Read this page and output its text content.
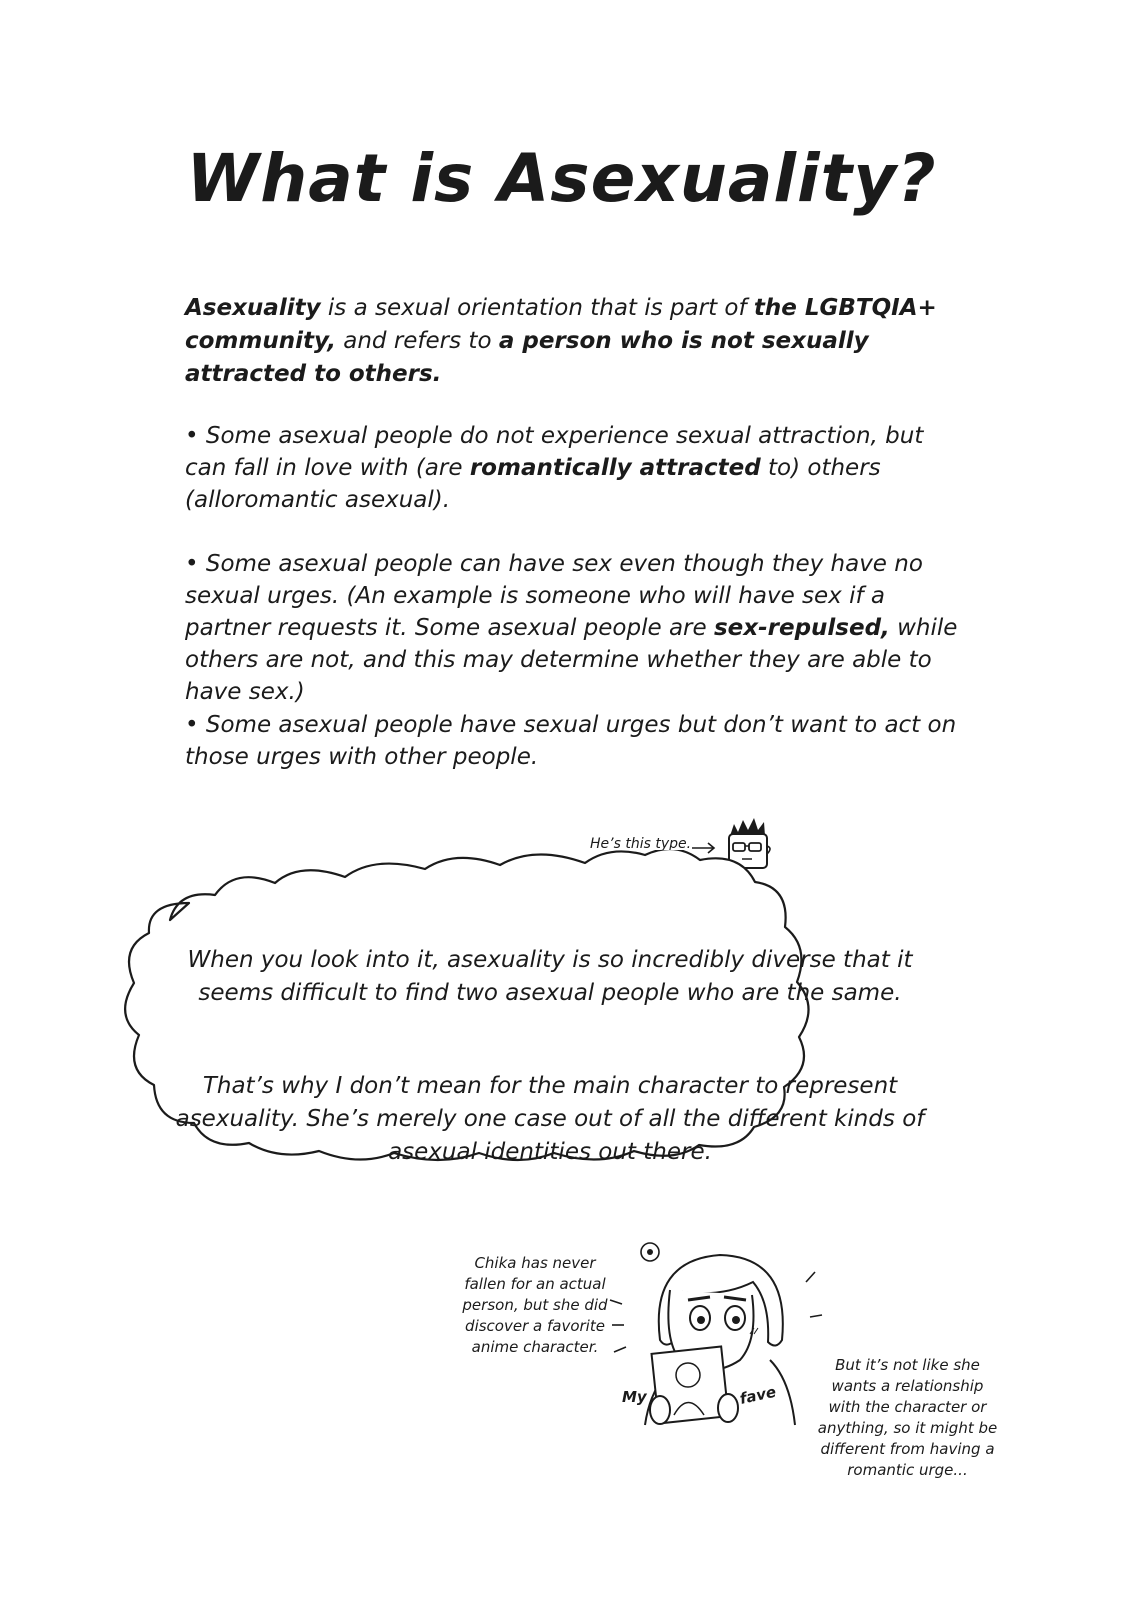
What is Asexuality?

Asexuality is a sexual orientation that is part of the LGBTQIA+ community, and refers to a person who is not sexually attracted to others.

• Some asexual people do not experience sexual attraction, but can fall in love with (are romantically attracted to) others (alloromantic asexual).

• Some asexual people can have sex even though they have no sexual urges. (An example is someone who will have sex if a partner requests it. Some asexual people are sex-repulsed, while others are not, and this may determine whether they are able to have sex.)

• Some asexual people have sexual urges but don’t want to act on those urges with other people.

He’s this type.
When you look into it, asexuality is so incredibly diverse that it seems difficult to find two asexual people who are the same.
That’s why I don’t mean for the main character to represent asexuality. She’s merely one case out of all the different kinds of asexual identities out there.
Chika has never fallen for an actual person, but she did discover a favorite anime character.
My	fave
But it’s not like she wants a relationship with the character or anything, so it might be different from having a romantic urge...
